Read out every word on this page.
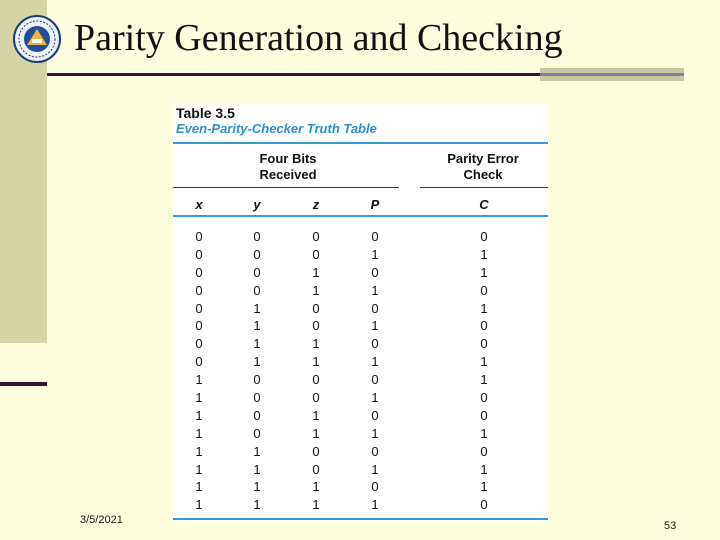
Parity Generation and Checking
Table 3.5
Even-Parity-Checker Truth Table
Four Bits Received
Parity Error Check
x	y	z	P	C
0	0	0	0	0
0	0	0	1	1
0	0	1	0	1
0	0	1	1	0
0	1	0	0	1
0	1	0	1	0
0	1	1	0	0
0	1	1	1	1
1	0	0	0	1
1	0	0	1	0
1	0	1	0	0
1	0	1	1	1
1	1	0	0	0
1	1	0	1	1
1	1	1	0	1
1	1	1	1	0
3/5/2021	53
